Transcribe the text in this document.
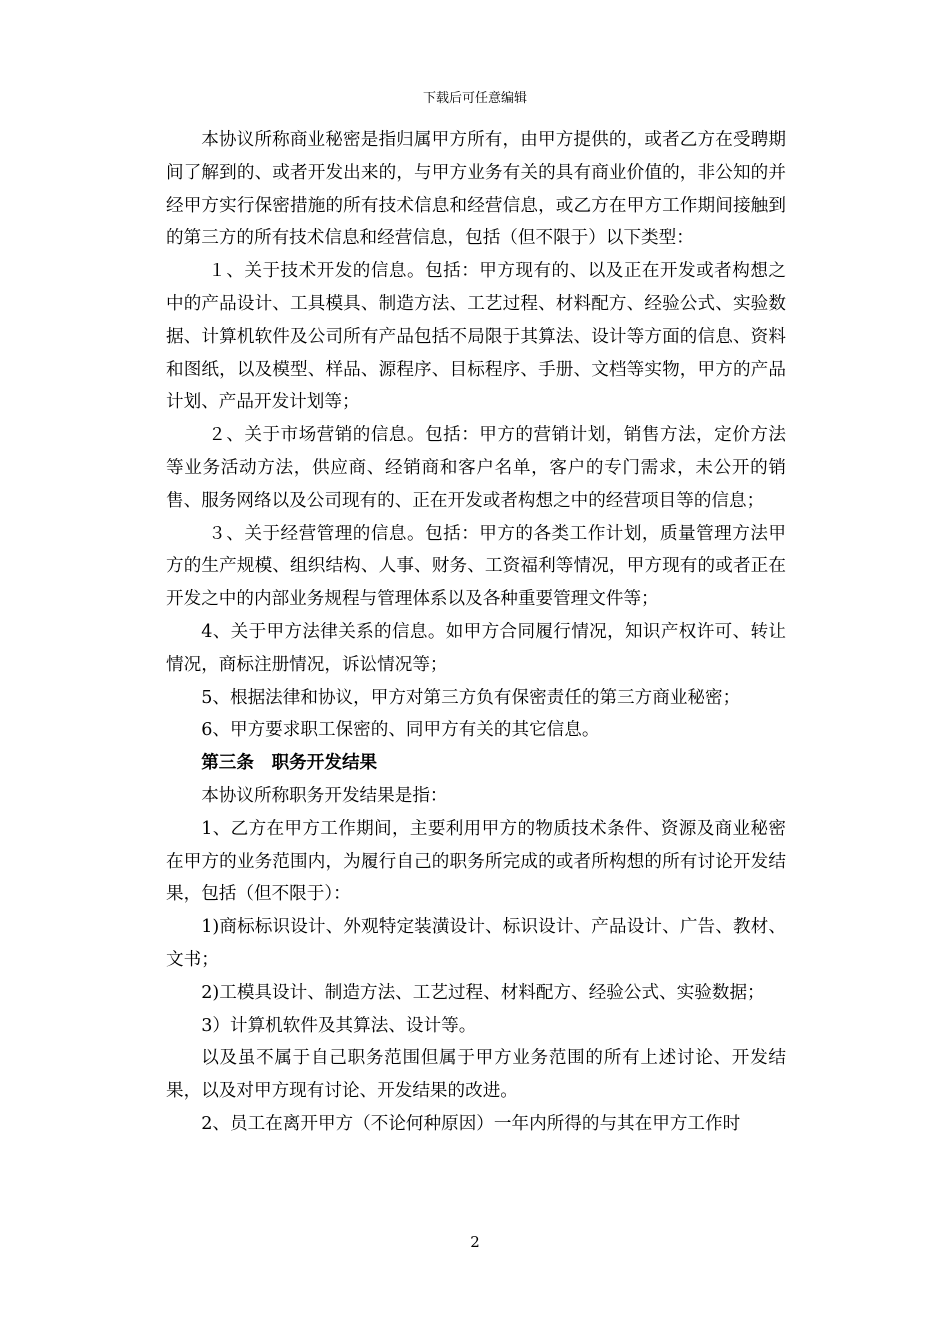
下载后可任意编辑

本协议所称商业秘密是指归属甲方所有，由甲方提供的，或者乙方在受聘期间了解到的、或者开发出来的，与甲方业务有关的具有商业价值的，非公知的并经甲方实行保密措施的所有技术信息和经营信息，或乙方在甲方工作期间接触到的第三方的所有技术信息和经营信息，包括（但不限于）以下类型：

１、关于技术开发的信息。包括：甲方现有的、以及正在开发或者构想之中的产品设计、工具模具、制造方法、工艺过程、材料配方、经验公式、实验数据、计算机软件及公司所有产品包括不局限于其算法、设计等方面的信息、资料和图纸，以及模型、样品、源程序、目标程序、手册、文档等实物，甲方的产品计划、产品开发计划等；

２、关于市场营销的信息。包括：甲方的营销计划，销售方法，定价方法等业务活动方法，供应商、经销商和客户名单，客户的专门需求，未公开的销售、服务网络以及公司现有的、正在开发或者构想之中的经营项目等的信息；

３、关于经营管理的信息。包括：甲方的各类工作计划，质量管理方法甲方的生产规模、组织结构、人事、财务、工资福利等情况，甲方现有的或者正在开发之中的内部业务规程与管理体系以及各种重要管理文件等；

4、关于甲方法律关系的信息。如甲方合同履行情况，知识产权许可、转让情况，商标注册情况，诉讼情况等；

5、根据法律和协议，甲方对第三方负有保密责任的第三方商业秘密；

6、甲方要求职工保密的、同甲方有关的其它信息。

第三条　职务开发结果

本协议所称职务开发结果是指：

1、乙方在甲方工作期间，主要利用甲方的物质技术条件、资源及商业秘密在甲方的业务范围内，为履行自己的职务所完成的或者所构想的所有讨论开发结果，包括（但不限于）：

1)商标标识设计、外观特定装潢设计、标识设计、产品设计、广告、教材、文书；

2)工模具设计、制造方法、工艺过程、材料配方、经验公式、实验数据；

3）计算机软件及其算法、设计等。

以及虽不属于自己职务范围但属于甲方业务范围的所有上述讨论、开发结果，以及对甲方现有讨论、开发结果的改进。

2、员工在离开甲方（不论何种原因）一年内所得的与其在甲方工作时

2
